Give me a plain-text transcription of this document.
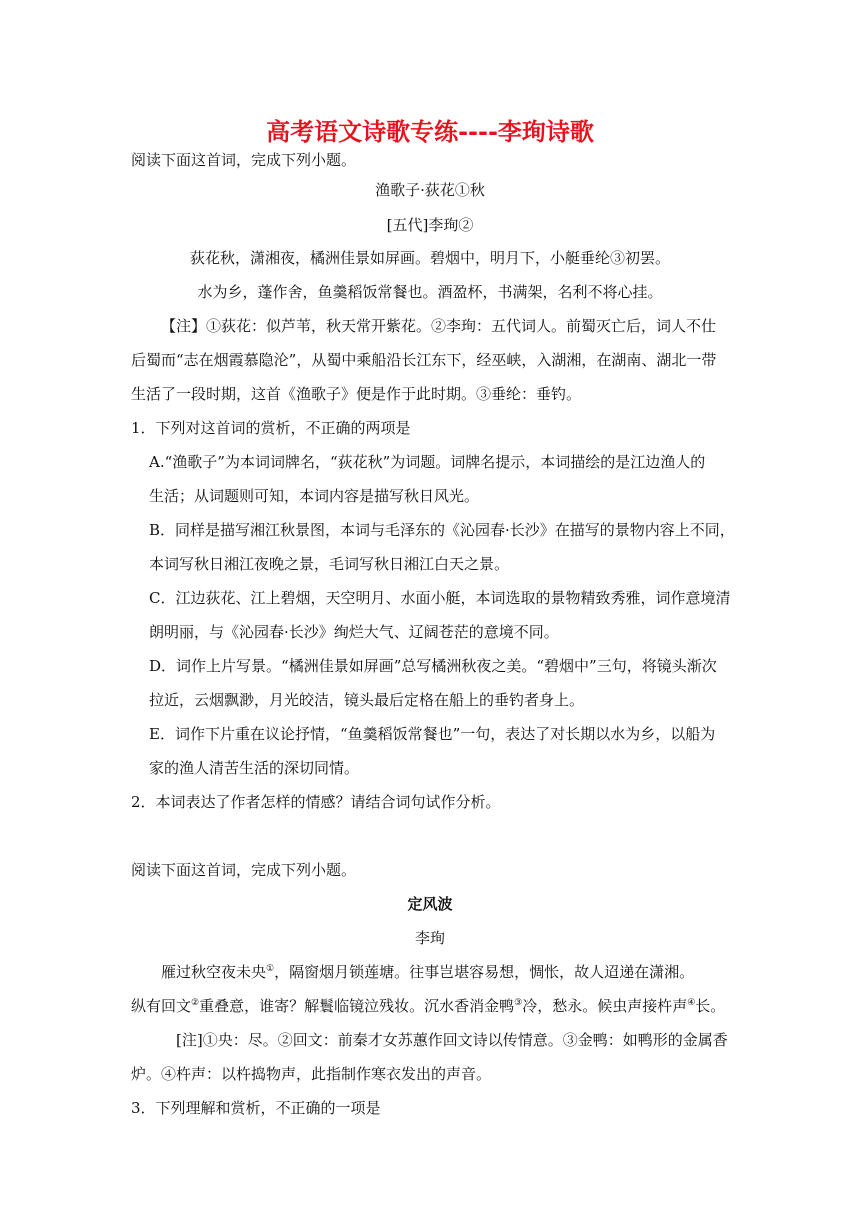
高考语文诗歌专练----李珣诗歌
阅读下面这首词，完成下列小题。
渔歌子·荻花①秋
[五代]李珣②
荻花秋，潇湘夜，橘洲佳景如屏画。碧烟中，明月下，小艇垂纶③初罢。
水为乡，蓬作舍，鱼羹稻饭常餐也。酒盈杯，书满架，名利不将心挂。
【注】①荻花：似芦苇，秋天常开紫花。②李珣：五代词人。前蜀灭亡后，词人不仕
后蜀而“志在烟霞慕隐沦”，从蜀中乘船沿长江东下，经巫峡，入湖湘，在湖南、湖北一带
生活了一段时期，这首《渔歌子》便是作于此时期。③垂纶：垂钓。
1．下列对这首词的赏析，不正确的两项是
A.“渔歌子”为本词词牌名，“荻花秋”为词题。词牌名提示，本词描绘的是江边渔人的
生活；从词题则可知，本词内容是描写秋日风光。
B．同样是描写湘江秋景图，本词与毛泽东的《沁园春·长沙》在描写的景物内容上不同，
本词写秋日湘江夜晚之景，毛词写秋日湘江白天之景。
C．江边荻花、江上碧烟，天空明月、水面小艇，本词选取的景物精致秀雅，词作意境清
朗明丽，与《沁园春·长沙》绚烂大气、辽阔苍茫的意境不同。
D．词作上片写景。“橘洲佳景如屏画”总写橘洲秋夜之美。“碧烟中”三句，将镜头渐次
拉近，云烟飘渺，月光皎洁，镜头最后定格在船上的垂钓者身上。
E．词作下片重在议论抒情，“鱼羹稻饭常餐也”一句，表达了对长期以水为乡，以船为
家的渔人清苦生活的深切同情。
2．本词表达了作者怎样的情感？请结合词句试作分析。
阅读下面这首词，完成下列小题。
定风波
李珣
雁过秋空夜未央①，隔窗烟月锁莲塘。往事岂堪容易想，惆怅，故人迢递在潇湘。
纵有回文②重叠意，谁寄？解鬟临镜泣残妆。沉水香消金鸭③冷，愁永。候虫声接杵声④长。
[注]①央：尽。②回文：前秦才女苏蕙作回文诗以传情意。③金鸭：如鸭形的金属香
炉。④杵声：以杵捣物声，此指制作寒衣发出的声音。
3．下列理解和赏析，不正确的一项是
